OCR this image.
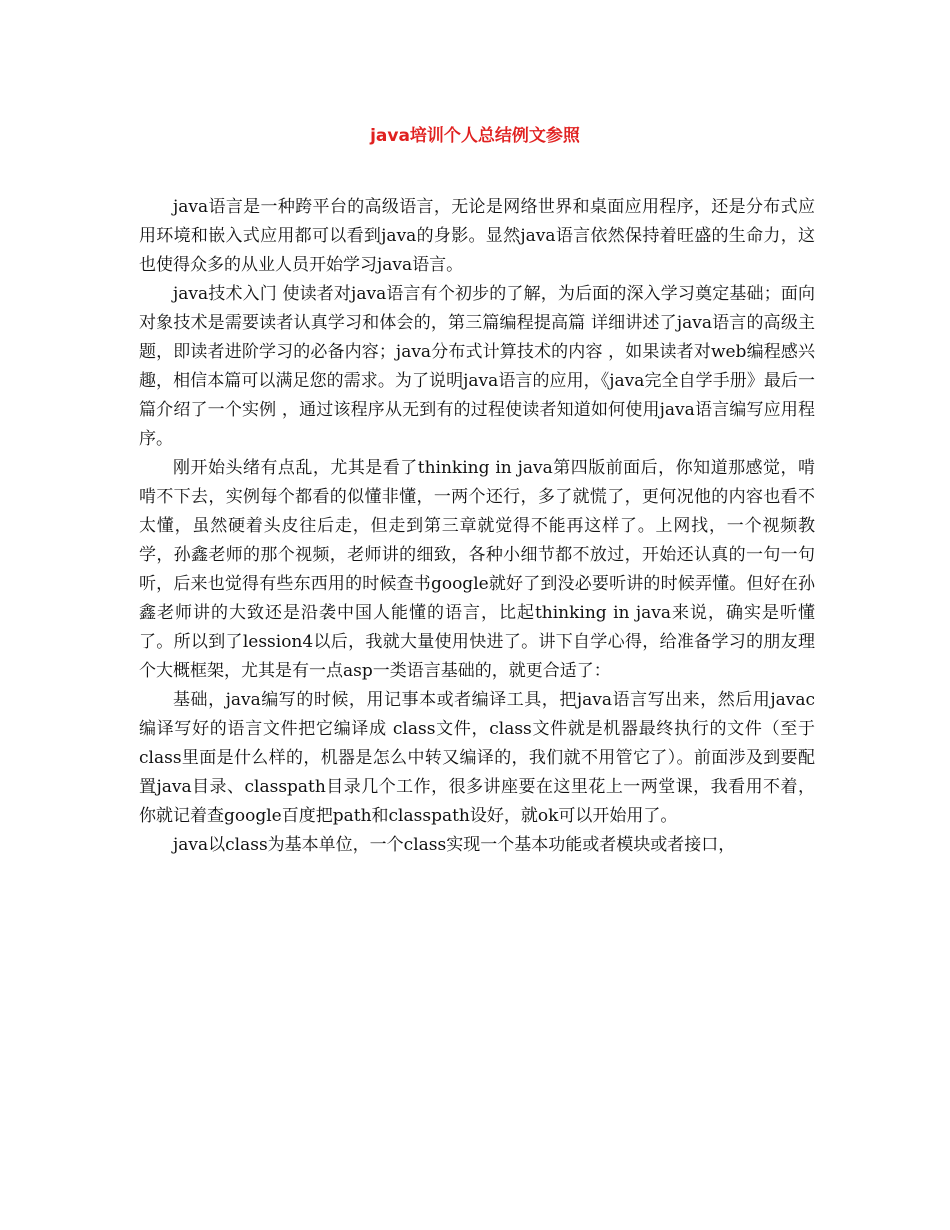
java培训个人总结例文参照

java语言是一种跨平台的高级语言，无论是网络世界和桌面应用程序，还是分布式应用环境和嵌入式应用都可以看到java的身影。显然java语言依然保持着旺盛的生命力，这也使得众多的从业人员开始学习java语言。

java技术入门 使读者对java语言有个初步的了解，为后面的深入学习奠定基础；面向对象技术是需要读者认真学习和体会的，第三篇编程提高篇 详细讲述了java语言的高级主题，即读者进阶学习的必备内容；java分布式计算技术的内容 ，如果读者对web编程感兴趣，相信本篇可以满足您的需求。为了说明java语言的应用，《java完全自学手册》最后一篇介绍了一个实例 ，通过该程序从无到有的过程使读者知道如何使用java语言编写应用程序。

刚开始头绪有点乱，尤其是看了thinking in java第四版前面后，你知道那感觉，啃啃不下去，实例每个都看的似懂非懂，一两个还行，多了就慌了，更何况他的内容也看不太懂，虽然硬着头皮往后走，但走到第三章就觉得不能再这样了。上网找，一个视频教学，孙鑫老师的那个视频，老师讲的细致，各种小细节都不放过，开始还认真的一句一句听，后来也觉得有些东西用的时候查书google就好了到没必要听讲的时候弄懂。但好在孙鑫老师讲的大致还是沿袭中国人能懂的语言，比起thinking in java来说，确实是听懂了。所以到了lession4以后，我就大量使用快进了。讲下自学心得，给准备学习的朋友理个大概框架，尤其是有一点asp一类语言基础的，就更合适了：

基础，java编写的时候，用记事本或者编译工具，把java语言写出来，然后用javac 编译写好的语言文件把它编译成 class文件，class文件就是机器最终执行的文件（至于class里面是什么样的，机器是怎么中转又编译的，我们就不用管它了）。前面涉及到要配置java目录、classpath目录几个工作，很多讲座要在这里花上一两堂课，我看用不着，你就记着查google百度把path和classpath设好，就ok可以开始用了。

java以class为基本单位，一个class实现一个基本功能或者模块或者接口，
